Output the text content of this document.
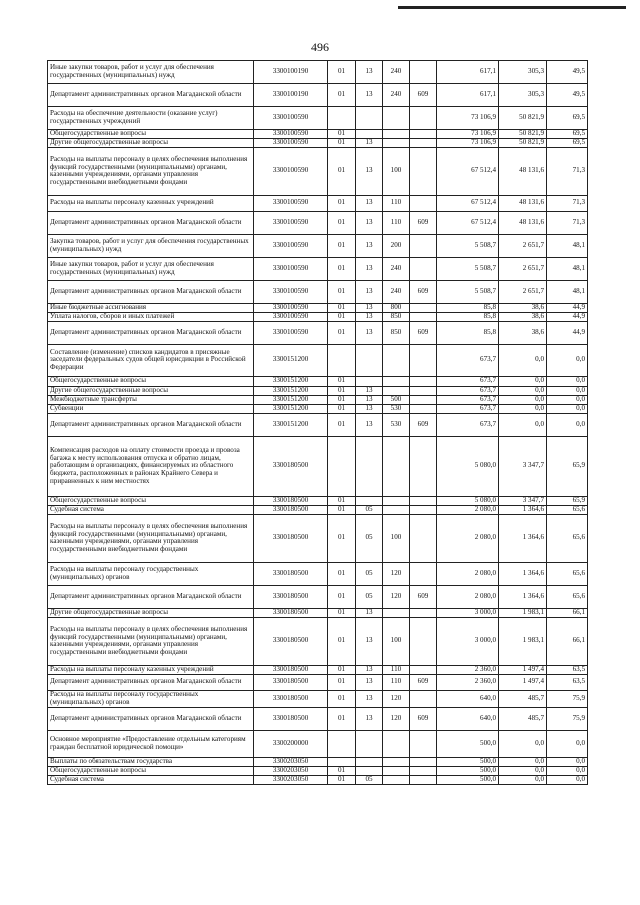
496
Иные закупки товаров, работ и услуг для обеспечения государственных (муниципальных) нужд	3300100190	01	13	240		617,1	305,3	49,5
Департамент административных органов Магаданской области	3300100190	01	13	240	609	617,1	305,3	49,5
Расходы на обеспечение деятельности (оказание услуг) государственных учреждений	3300100590					73 106,9	50 821,9	69,5
Общегосударственные вопросы	3300100590	01				73 106,9	50 821,9	69,5
Другие общегосударственные вопросы	3300100590	01	13			73 106,9	50 821,9	69,5
Расходы на выплаты персоналу в целях обеспечения выполнения функций государственными (муниципальными) органами, казенными учреждениями, органами управления государственными внебюджетными фондами	3300100590	01	13	100		67 512,4	48 131,6	71,3
Расходы на выплаты персоналу казенных учреждений	3300100590	01	13	110		67 512,4	48 131,6	71,3
Департамент административных органов Магаданской области	3300100590	01	13	110	609	67 512,4	48 131,6	71,3
Закупка товаров, работ и услуг для обеспечения государственных (муниципальных) нужд	3300100590	01	13	200		5 508,7	2 651,7	48,1
Иные закупки товаров, работ и услуг для обеспечения государственных (муниципальных) нужд	3300100590	01	13	240		5 508,7	2 651,7	48,1
Департамент административных органов Магаданской области	3300100590	01	13	240	609	5 508,7	2 651,7	48,1
Иные бюджетные ассигнования	3300100590	01	13	800		85,8	38,6	44,9
Уплата налогов, сборов и иных платежей	3300100590	01	13	850		85,8	38,6	44,9
Департамент административных органов Магаданской области	3300100590	01	13	850	609	85,8	38,6	44,9
Составление (изменение) списков кандидатов в присяжные заседатели федеральных судов общей юрисдикции в Российской Федерации	3300151200					673,7	0,0	0,0
Общегосударственные вопросы	3300151200	01				673,7	0,0	0,0
Другие общегосударственные вопросы	3300151200	01	13			673,7	0,0	0,0
Межбюджетные трансферты	3300151200	01	13	500		673,7	0,0	0,0
Субвенции	3300151200	01	13	530		673,7	0,0	0,0
Департамент административных органов Магаданской области	3300151200	01	13	530	609	673,7	0,0	0,0
Компенсация расходов на оплату стоимости проезда и провоза багажа к месту использования отпуска и обратно лицам, работающим в организациях, финансируемых из областного бюджета, расположенных в районах Крайнего Севера и приравненных к ним местностях	3300180500					5 080,0	3 347,7	65,9
Общегосударственные вопросы	3300180500	01				5 080,0	3 347,7	65,9
Судебная система	3300180500	01	05			2 080,0	1 364,6	65,6
Расходы на выплаты персоналу в целях обеспечения выполнения функций государственными (муниципальными) органами, казенными учреждениями, органами управления государственными внебюджетными фондами	3300180500	01	05	100		2 080,0	1 364,6	65,6
Расходы на выплаты персоналу государственных (муниципальных) органов	3300180500	01	05	120		2 080,0	1 364,6	65,6
Департамент административных органов Магаданской области	3300180500	01	05	120	609	2 080,0	1 364,6	65,6
Другие общегосударственные вопросы	3300180500	01	13			3 000,0	1 983,1	66,1
Расходы на выплаты персоналу в целях обеспечения выполнения функций государственными (муниципальными) органами, казенными учреждениями, органами управления государственными внебюджетными фондами	3300180500	01	13	100		3 000,0	1 983,1	66,1
Расходы на выплаты персоналу казенных учреждений	3300180500	01	13	110		2 360,0	1 497,4	63,5
Департамент административных органов Магаданской области	3300180500	01	13	110	609	2 360,0	1 497,4	63,5
Расходы на выплаты персоналу государственных (муниципальных) органов	3300180500	01	13	120		640,0	485,7	75,9
Департамент административных органов Магаданской области	3300180500	01	13	120	609	640,0	485,7	75,9
Основное мероприятие «Предоставление отдельным категориям граждан бесплатной юридической помощи»	3300200000					500,0	0,0	0,0
Выплаты по обязательствам государства	3300203050					500,0	0,0	0,0
Общегосударственные вопросы	3300203050	01				500,0	0,0	0,0
Судебная система	3300203050	01	05			500,0	0,0	0,0
